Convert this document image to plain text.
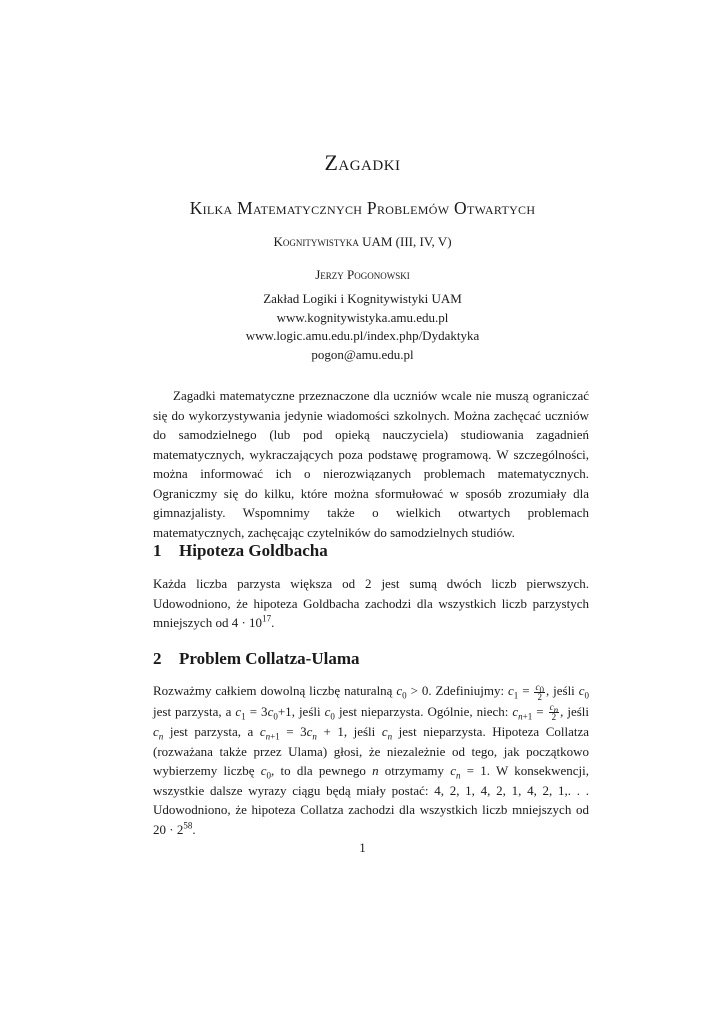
Zagadki
Kilka Matematycznych Problemów Otwartych
Kognitywistyka UAM (III, IV, V)
Jerzy Pogonowski
Zakład Logiki i Kognitywistyki UAM
www.kognitywistyka.amu.edu.pl
www.logic.amu.edu.pl/index.php/Dydaktyka
pogon@amu.edu.pl
Zagadki matematyczne przeznaczone dla uczniów wcale nie muszą ograniczać się do wykorzystywania jedynie wiadomości szkolnych. Można zachęcać uczniów do samodzielnego (lub pod opieką nauczyciela) studiowania zagadnień matematycznych, wykraczających poza podstawę programową. W szczególności, można informować ich o nierozwiązanych problemach matematycznych. Ograniczmy się do kilku, które można sformułować w sposób zrozumiały dla gimnazjalisty. Wspomnimy także o wielkich otwartych problemach matematycznych, zachęcając czytelników do samodzielnych studiów.
1 Hipoteza Goldbacha
Każda liczba parzysta większa od 2 jest sumą dwóch liczb pierwszych. Udowodniono, że hipoteza Goldbacha zachodzi dla wszystkich liczb parzystych mniejszych od $4 \cdot 10^{17}$.
2 Problem Collatza-Ulama
Rozważmy całkiem dowolną liczbę naturalną $c_0 > 0$. Zdefiniujmy: $c_1 = \frac{c_0}{2}$ , jeśli $c_0$ jest parzysta, a $c_1 = 3c_0+1$, jeśli $c_0$ jest nieparzysta. Ogólnie, niech: $c_{n+1} = \frac{c_n}{2}$ , jeśli $c_n$ jest parzysta, a $c_{n+1} = 3c_n + 1$, jeśli $c_n$ jest nieparzysta. Hipoteza Collatza (rozważana także przez Ulama) głosi, że niezależnie od tego, jak początkowo wybierzemy liczbę $c_0$, to dla pewnego n otrzymamy $c_n = 1$. W konsekwencji, wszystkie dalsze wyrazy ciągu będą miały postać: 4, 2, 1, 4, 2, 1, 4, 2, 1,. . . Udowodniono, że hipoteza Collatza zachodzi dla wszystkich liczb mniejszych od $20 \cdot 2^{58}$.
1
